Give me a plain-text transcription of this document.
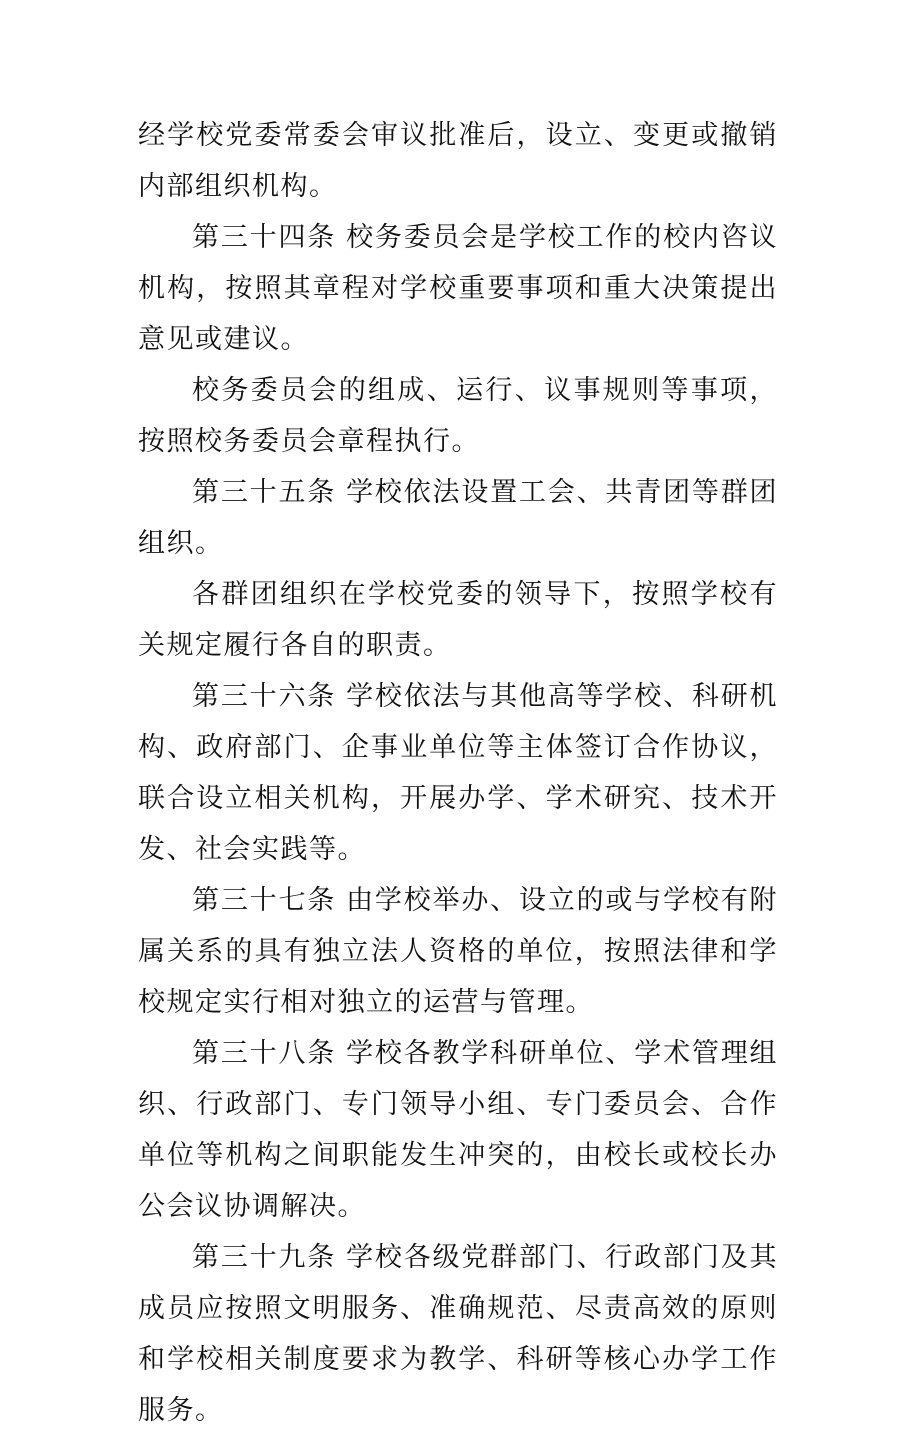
经学校党委常委会审议批准后，设立、变更或撤销内部组织机构。

第三十四条 校务委员会是学校工作的校内咨议机构，按照其章程对学校重要事项和重大决策提出意见或建议。

校务委员会的组成、运行、议事规则等事项，按照校务委员会章程执行。

第三十五条 学校依法设置工会、共青团等群团组织。

各群团组织在学校党委的领导下，按照学校有关规定履行各自的职责。

第三十六条 学校依法与其他高等学校、科研机构、政府部门、企事业单位等主体签订合作协议，联合设立相关机构，开展办学、学术研究、技术开发、社会实践等。

第三十七条 由学校举办、设立的或与学校有附属关系的具有独立法人资格的单位，按照法律和学校规定实行相对独立的运营与管理。

第三十八条 学校各教学科研单位、学术管理组织、行政部门、专门领导小组、专门委员会、合作单位等机构之间职能发生冲突的，由校长或校长办公会议协调解决。

第三十九条 学校各级党群部门、行政部门及其成员应按照文明服务、准确规范、尽责高效的原则和学校相关制度要求为教学、科研等核心办学工作服务。
